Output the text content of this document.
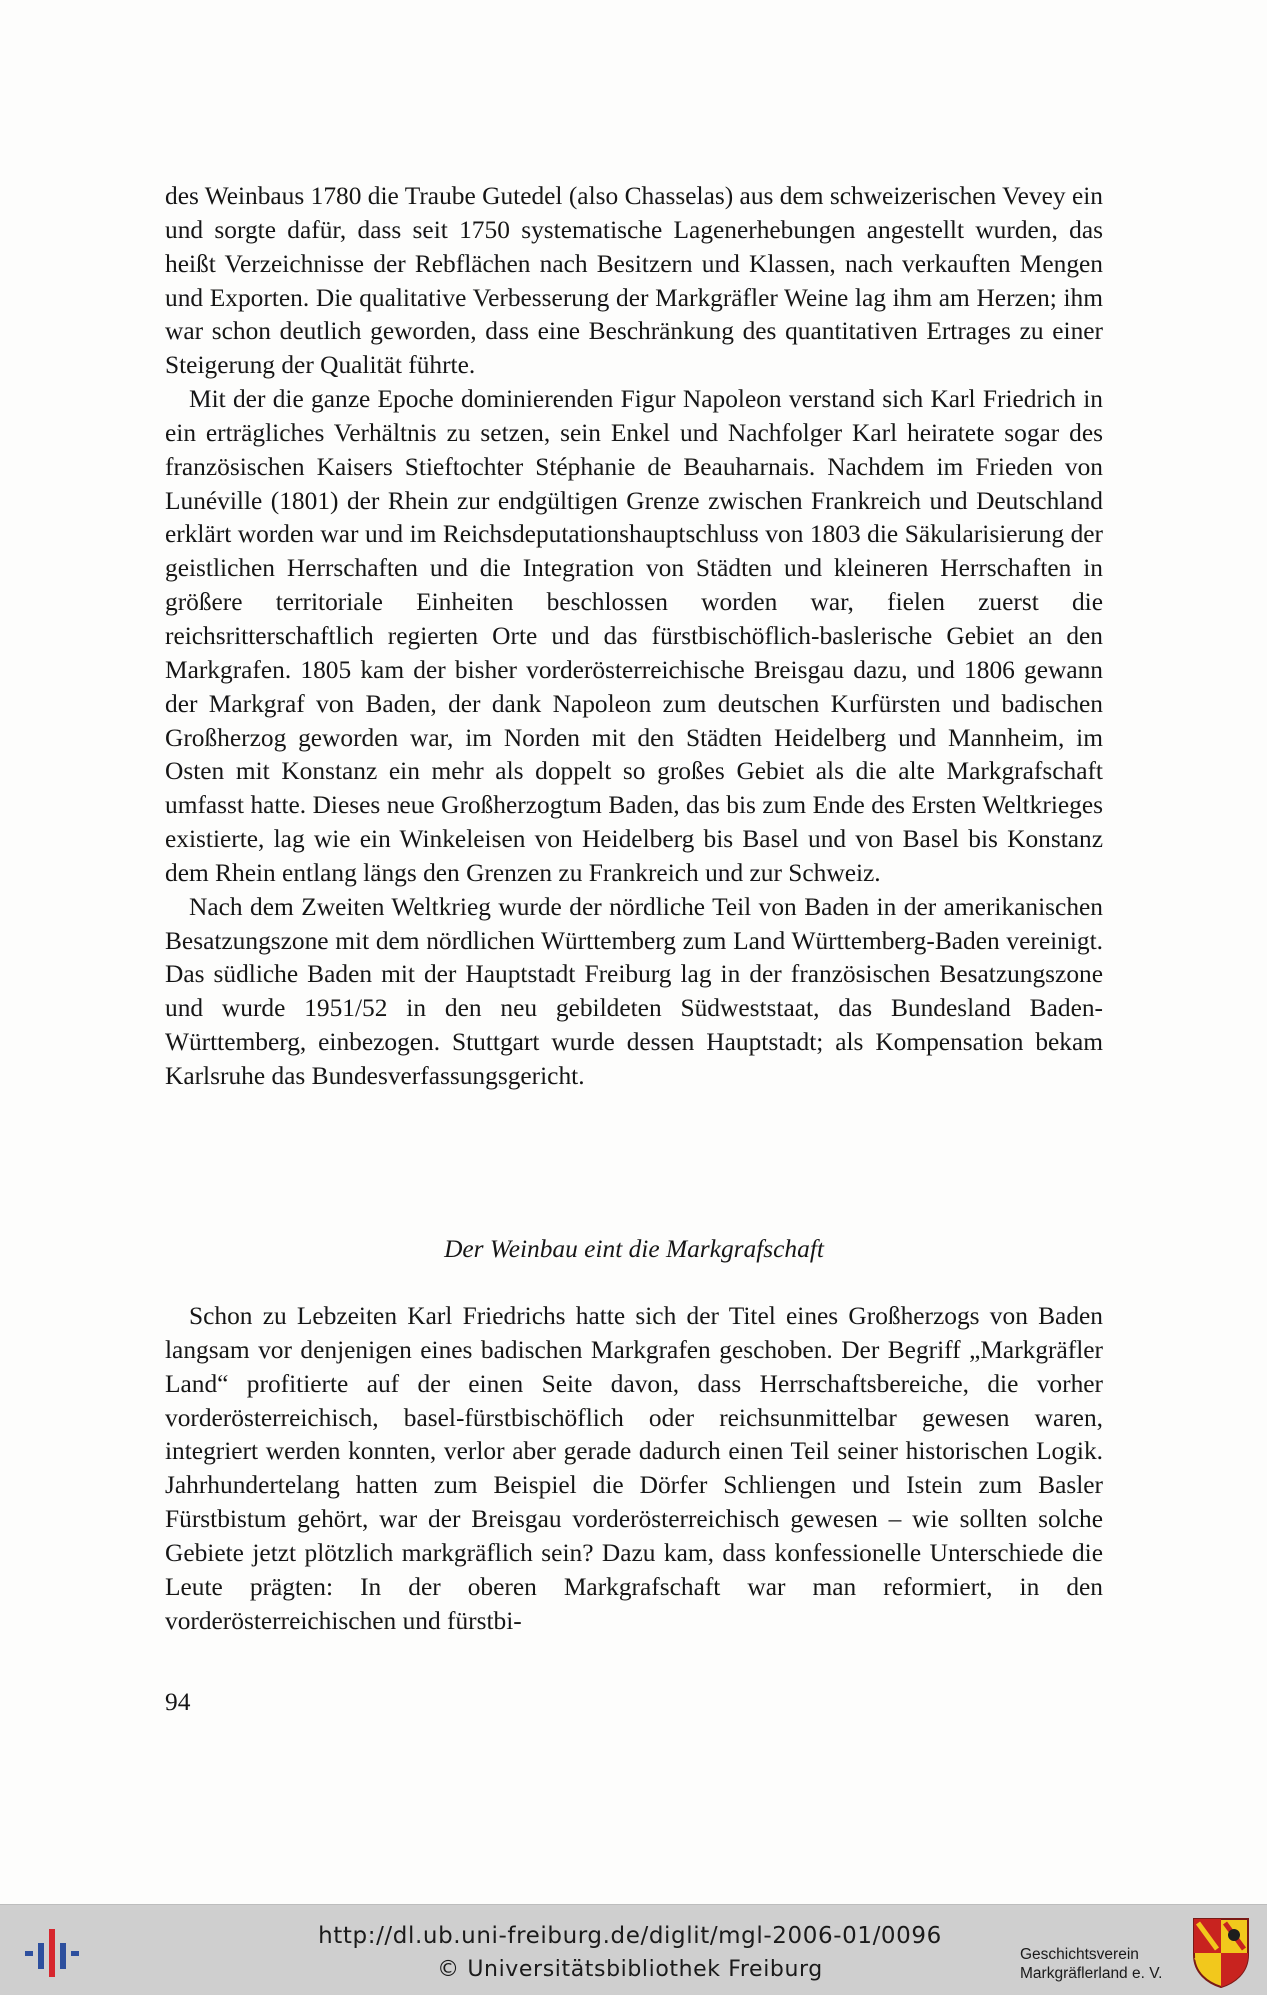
des Weinbaus 1780 die Traube Gutedel (also Chasselas) aus dem schweizerischen Vevey ein und sorgte dafür, dass seit 1750 systematische Lagenerhebungen angestellt wurden, das heißt Verzeichnisse der Rebflächen nach Besitzern und Klassen, nach verkauften Mengen und Exporten. Die qualitative Verbesserung der Markgräfler Weine lag ihm am Herzen; ihm war schon deutlich geworden, dass eine Beschränkung des quantitativen Ertrages zu einer Steigerung der Qualität führte.

Mit der die ganze Epoche dominierenden Figur Napoleon verstand sich Karl Friedrich in ein erträgliches Verhältnis zu setzen, sein Enkel und Nachfolger Karl heiratete sogar des französischen Kaisers Stieftochter Stéphanie de Beauharnais. Nachdem im Frieden von Lunéville (1801) der Rhein zur endgültigen Grenze zwischen Frankreich und Deutschland erklärt worden war und im Reichsdeputationshauptschluss von 1803 die Säkularisierung der geistlichen Herrschaften und die Integration von Städten und kleineren Herrschaften in größere territoriale Einheiten beschlossen worden war, fielen zuerst die reichsritterschaftlich regierten Orte und das fürstbischöflich-baslerische Gebiet an den Markgrafen. 1805 kam der bisher vorderösterreichische Breisgau dazu, und 1806 gewann der Markgraf von Baden, der dank Napoleon zum deutschen Kurfürsten und badischen Großherzog geworden war, im Norden mit den Städten Heidelberg und Mannheim, im Osten mit Konstanz ein mehr als doppelt so großes Gebiet als die alte Markgrafschaft umfasst hatte. Dieses neue Großherzogtum Baden, das bis zum Ende des Ersten Weltkrieges existierte, lag wie ein Winkeleisen von Heidelberg bis Basel und von Basel bis Konstanz dem Rhein entlang längs den Grenzen zu Frankreich und zur Schweiz.

Nach dem Zweiten Weltkrieg wurde der nördliche Teil von Baden in der amerikanischen Besatzungszone mit dem nördlichen Württemberg zum Land Württemberg-Baden vereinigt. Das südliche Baden mit der Hauptstadt Freiburg lag in der französischen Besatzungszone und wurde 1951/52 in den neu gebildeten Südweststaat, das Bundesland Baden-Württemberg, einbezogen. Stuttgart wurde dessen Hauptstadt; als Kompensation bekam Karlsruhe das Bundesverfassungsgericht.

Der Weinbau eint die Markgrafschaft

Schon zu Lebzeiten Karl Friedrichs hatte sich der Titel eines Großherzogs von Baden langsam vor denjenigen eines badischen Markgrafen geschoben. Der Begriff „Markgräfler Land“ profitierte auf der einen Seite davon, dass Herrschaftsbereiche, die vorher vorderösterreichisch, basel-fürstbischöflich oder reichsunmittelbar gewesen waren, integriert werden konnten, verlor aber gerade dadurch einen Teil seiner historischen Logik. Jahrhundertelang hatten zum Beispiel die Dörfer Schliengen und Istein zum Basler Fürstbistum gehört, war der Breisgau vorderösterreichisch gewesen – wie sollten solche Gebiete jetzt plötzlich markgräflich sein? Dazu kam, dass konfessionelle Unterschiede die Leute prägten: In der oberen Markgrafschaft war man reformiert, in den vorderösterreichischen und fürstbi-

94
http://dl.ub.uni-freiburg.de/diglit/mgl-2006-01/0096
© Universitätsbibliothek Freiburg
Geschichtsverein
Markgräflerland e. V.
